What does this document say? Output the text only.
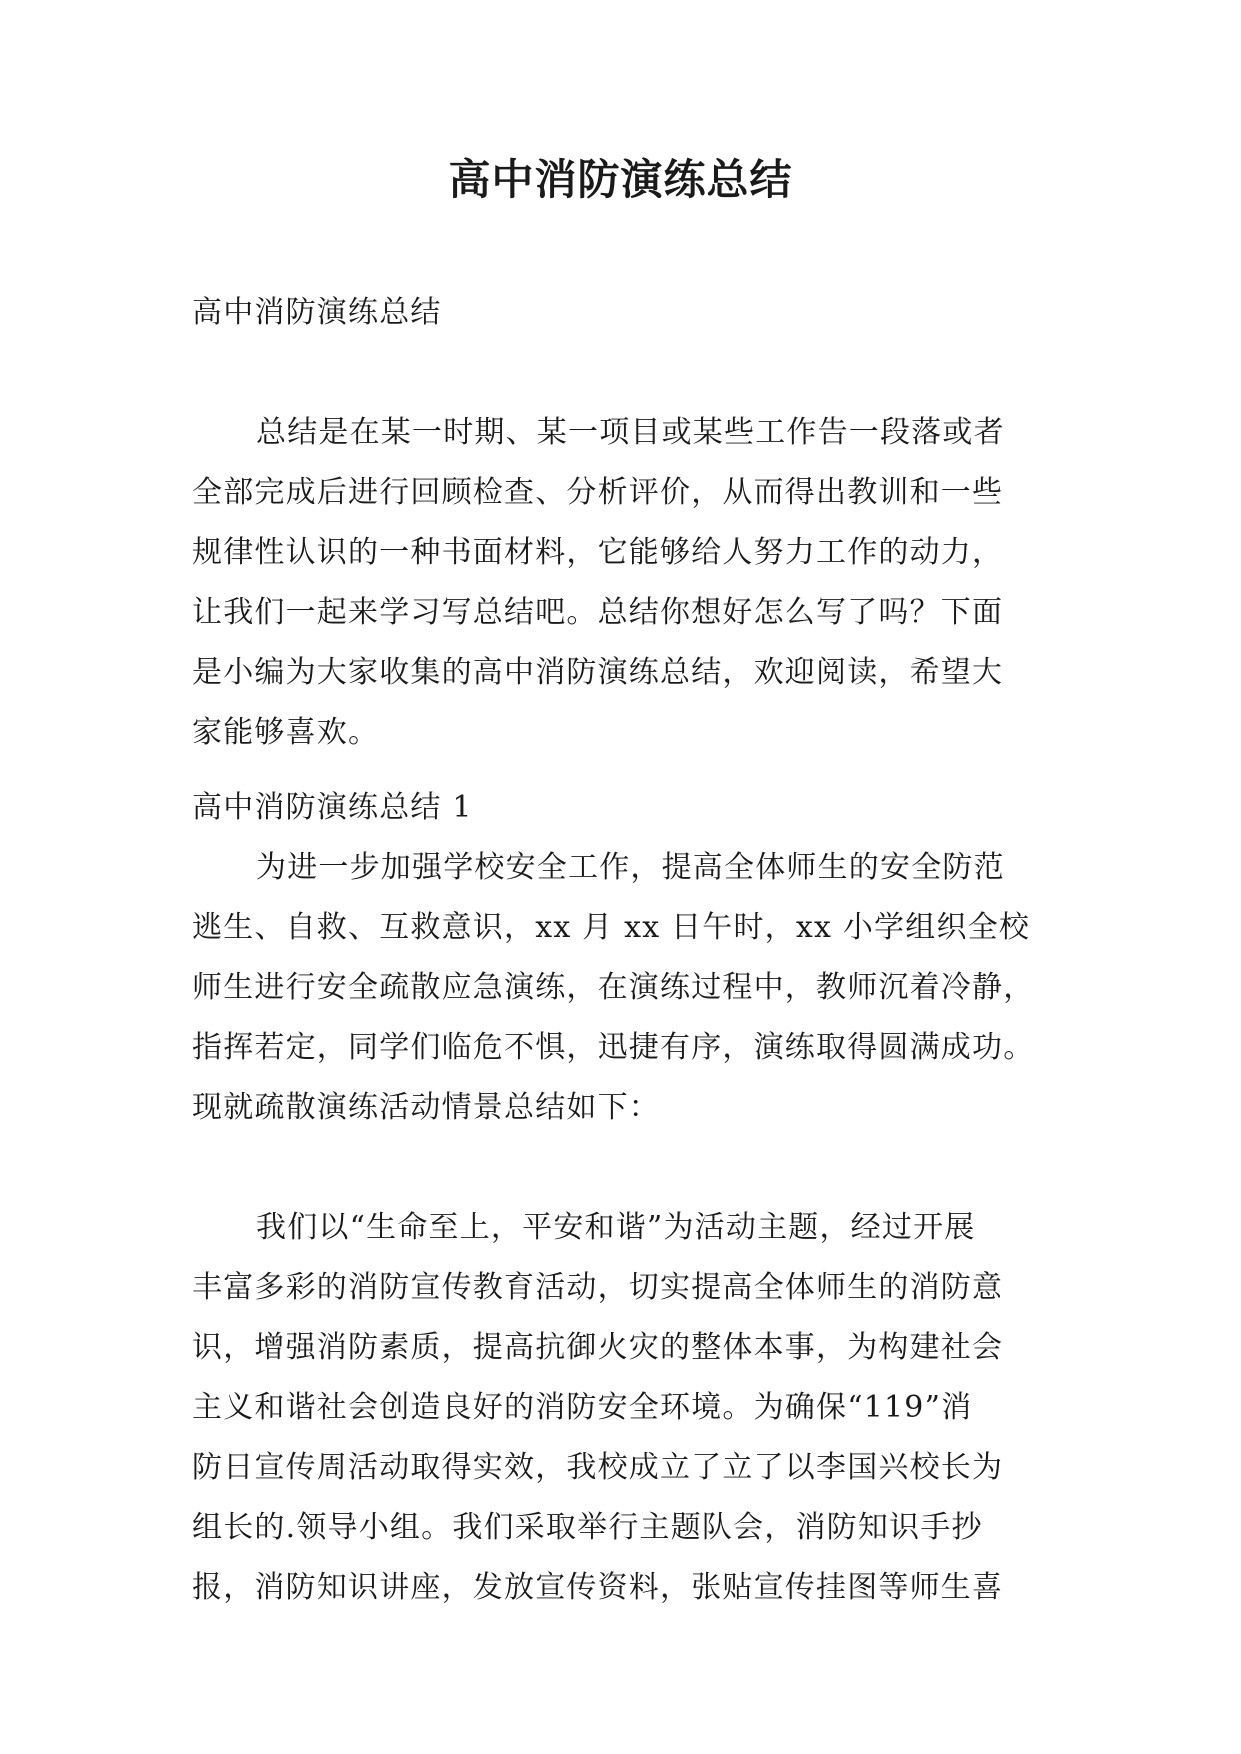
高中消防演练总结
高中消防演练总结
总结是在某一时期、某一项目或某些工作告一段落或者
全部完成后进行回顾检查、分析评价，从而得出教训和一些
规律性认识的一种书面材料，它能够给人努力工作的动力，
让我们一起来学习写总结吧。总结你想好怎么写了吗？下面
是小编为大家收集的高中消防演练总结，欢迎阅读，希望大
家能够喜欢。
高中消防演练总结 1
为进一步加强学校安全工作，提高全体师生的安全防范
逃生、自救、互救意识，xx 月 xx 日午时，xx 小学组织全校
师生进行安全疏散应急演练，在演练过程中，教师沉着冷静，
指挥若定，同学们临危不惧，迅捷有序，演练取得圆满成功。
现就疏散演练活动情景总结如下：
我们以“生命至上，平安和谐”为活动主题，经过开展
丰富多彩的消防宣传教育活动，切实提高全体师生的消防意
识，增强消防素质，提高抗御火灾的整体本事，为构建社会
主义和谐社会创造良好的消防安全环境。为确保“119”消
防日宣传周活动取得实效，我校成立了立了以李国兴校长为
组长的.领导小组。我们采取举行主题队会，消防知识手抄
报，消防知识讲座，发放宣传资料，张贴宣传挂图等师生喜
